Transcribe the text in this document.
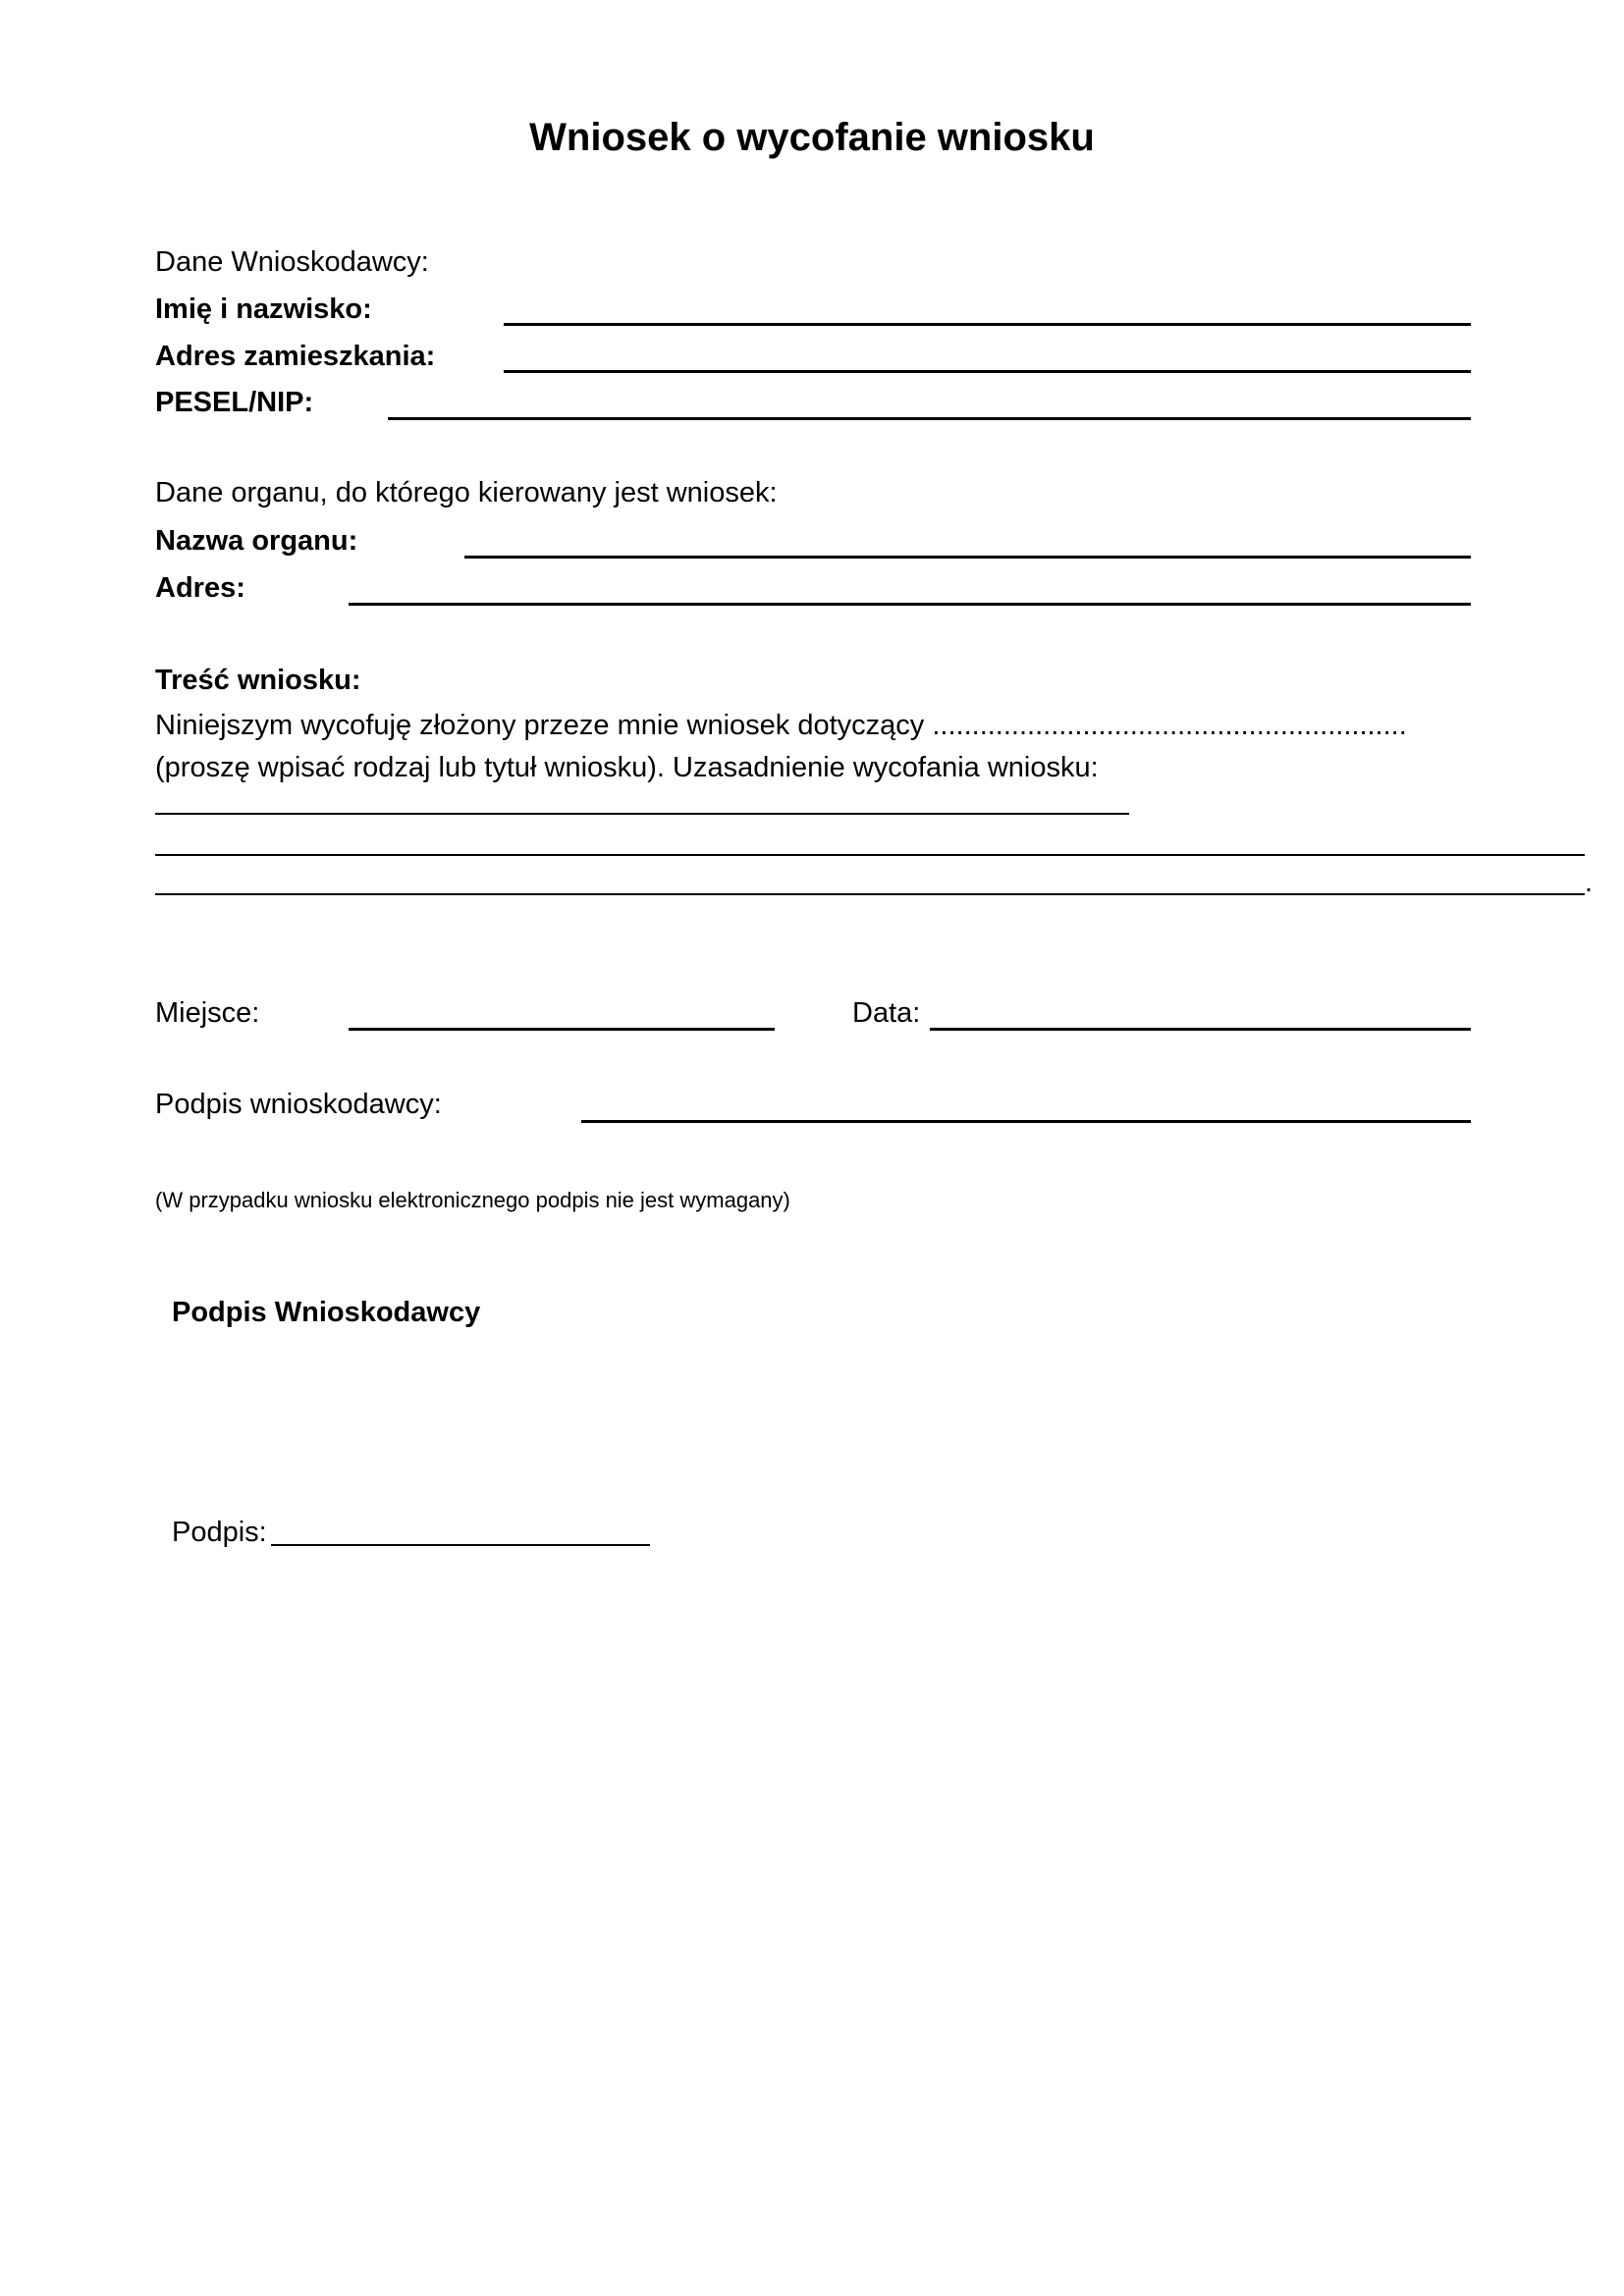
Wniosek o wycofanie wniosku
Dane Wnioskodawcy:
Imię i nazwisko:
Adres zamieszkania:
PESEL/NIP:
Dane organu, do którego kierowany jest wniosek:
Nazwa organu:
Adres:
Treść wniosku:
Niniejszym wycofuję złożony przeze mnie wniosek dotyczący ............................................................ (proszę wpisać rodzaj lub tytuł wniosku). Uzasadnienie wycofania wniosku:
.
Miejsce:	Data:
Podpis wnioskodawcy:
(W przypadku wniosku elektronicznego podpis nie jest wymagany)
Podpis Wnioskodawcy
Podpis:
